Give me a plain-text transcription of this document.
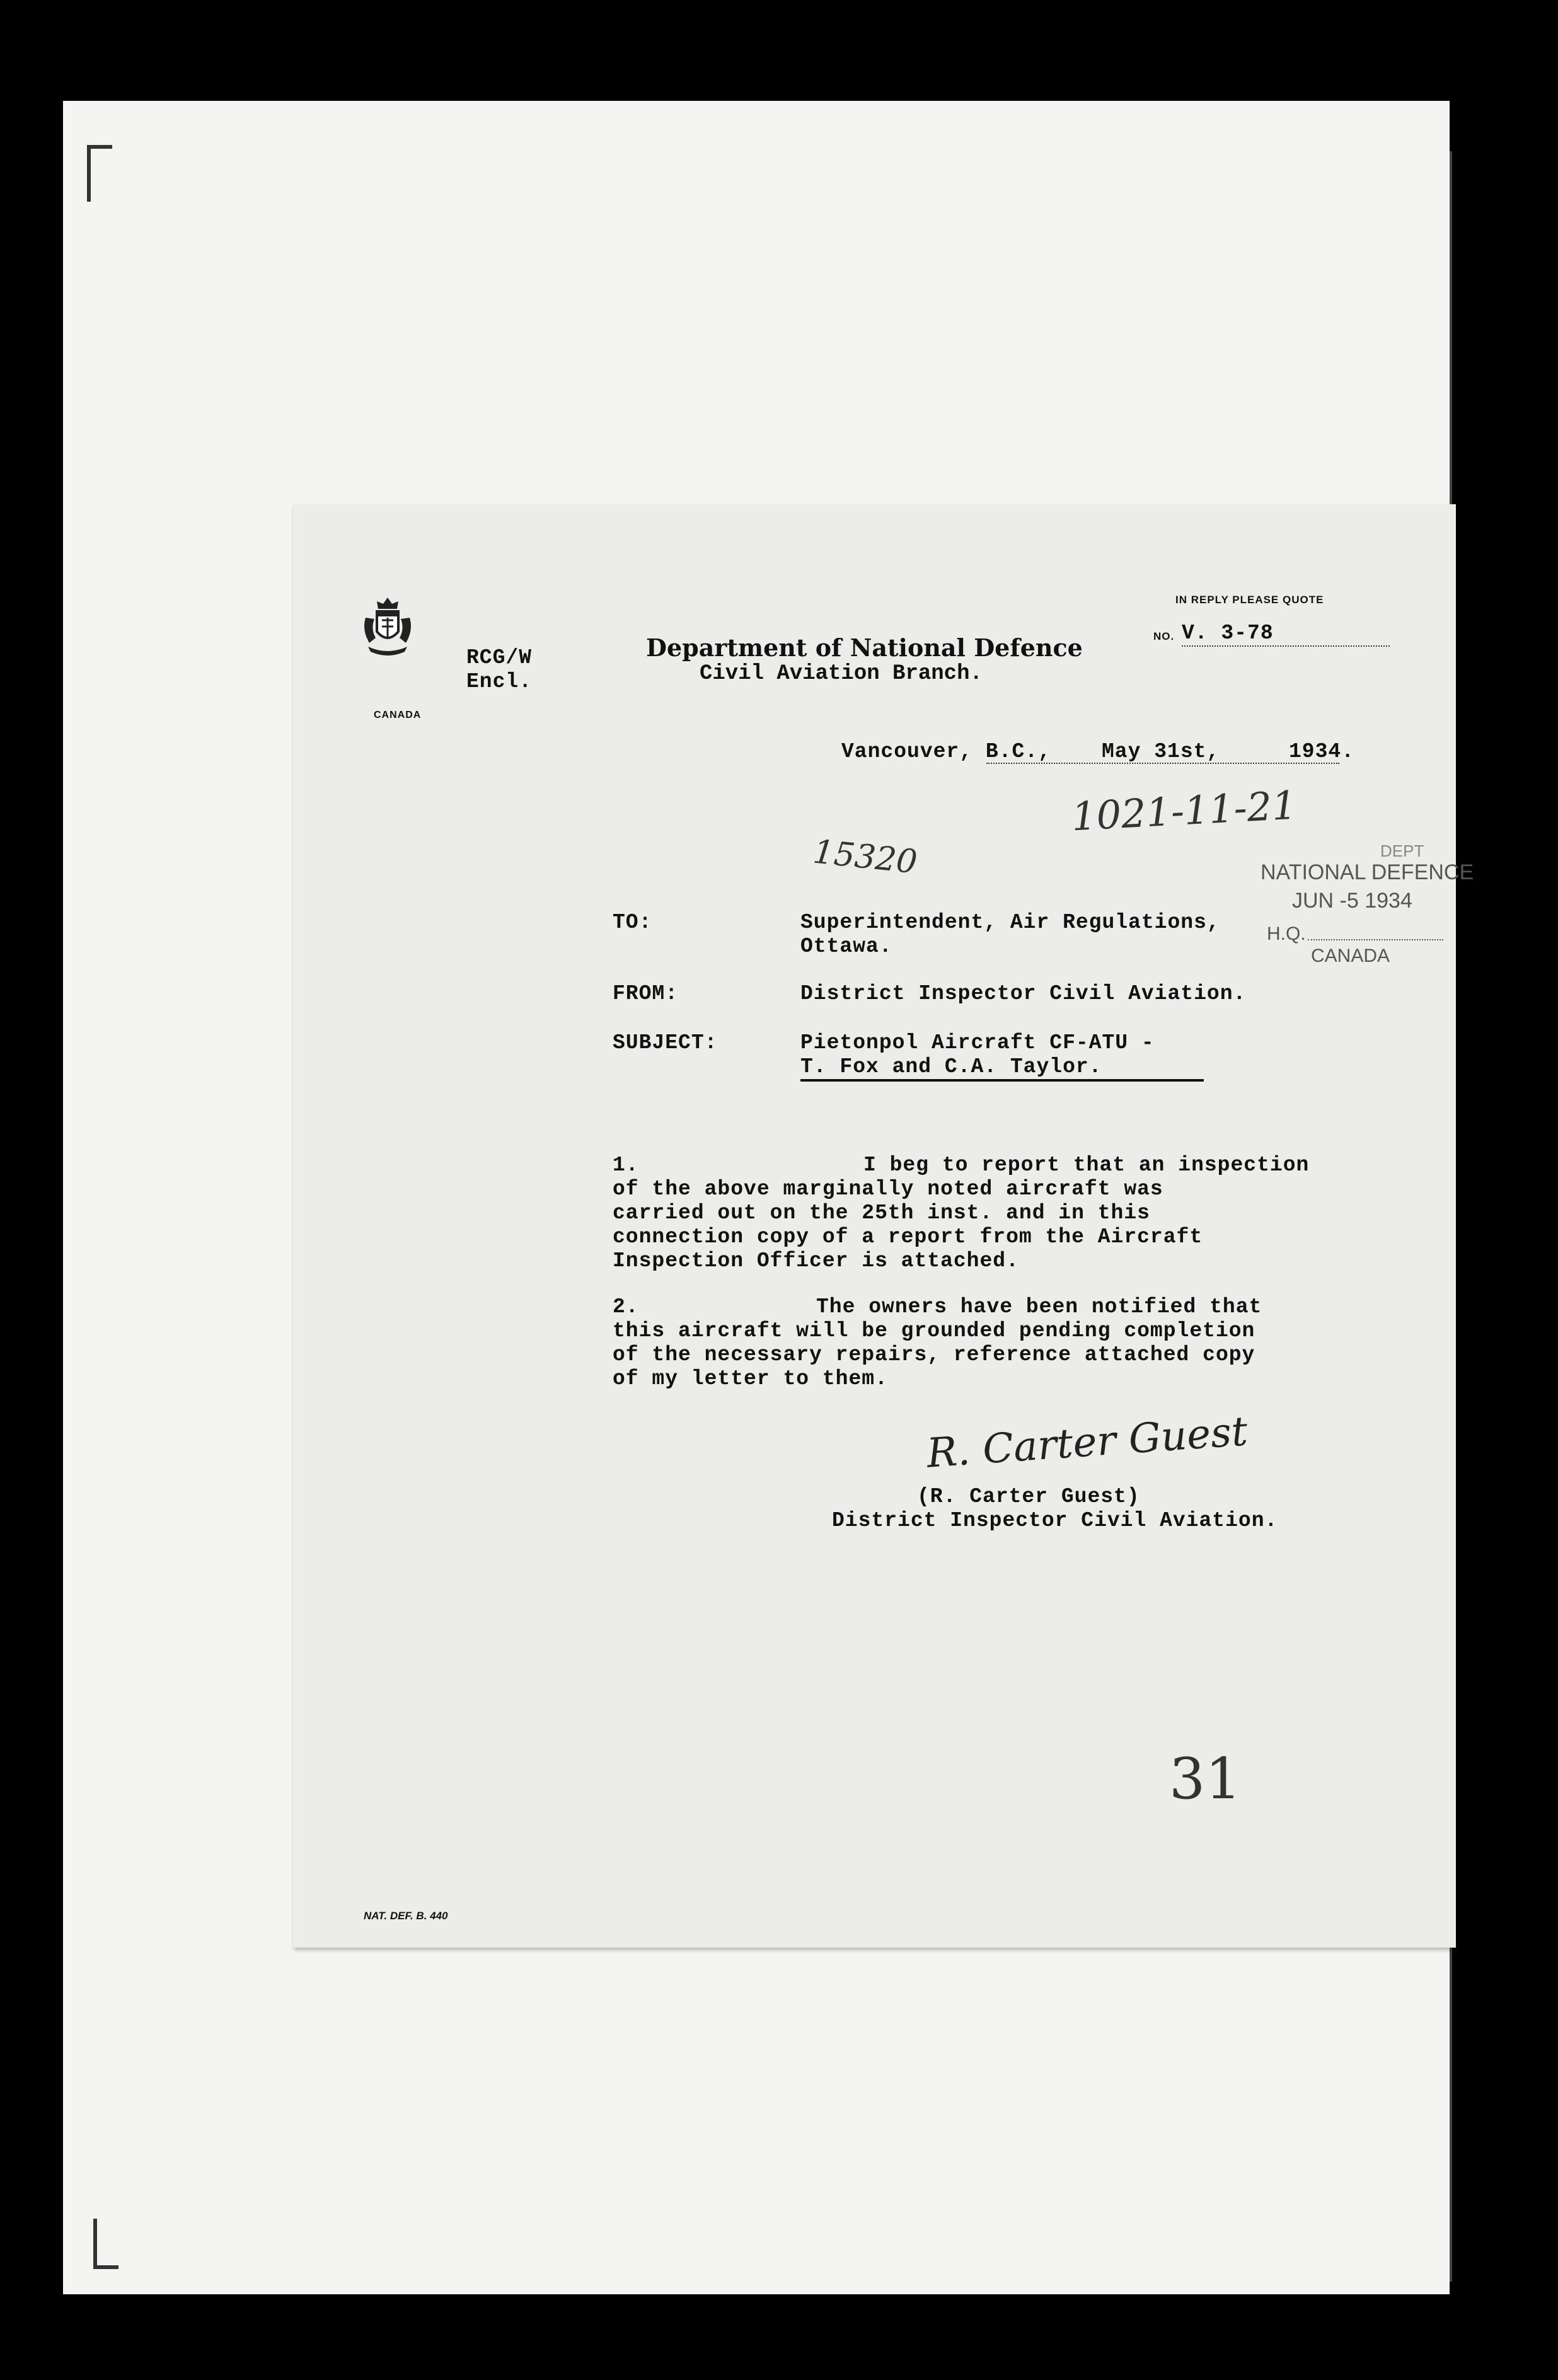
CANADA
RCG/W
Encl.
Department of National Defence
Civil Aviation Branch.
IN REPLY PLEASE QUOTE
NO. V. 3-78
Vancouver, B.C., May 31st,	1934.
1021-11-21
15320	DEPT
NATIONAL DEFENCE
JUN -5 1934
H.Q.
CANADA
TO:	Superintendent, Air Regulations,
Ottawa.
FROM:	District Inspector Civil Aviation.
SUBJECT:	Pietonpol Aircraft CF-ATU -
T. Fox and C.A. Taylor.
1.	I beg to report that an inspection
of the above marginally noted aircraft was
carried out on the 25th inst. and in this
connection copy of a report from the Aircraft
Inspection Officer is attached.
2.	The owners have been notified that
this aircraft will be grounded pending completion
of the necessary repairs, reference attached copy
of my letter to them.
R. Carter Guest
(R. Carter Guest)
District Inspector Civil Aviation.
31
NAT. DEF. B. 440
